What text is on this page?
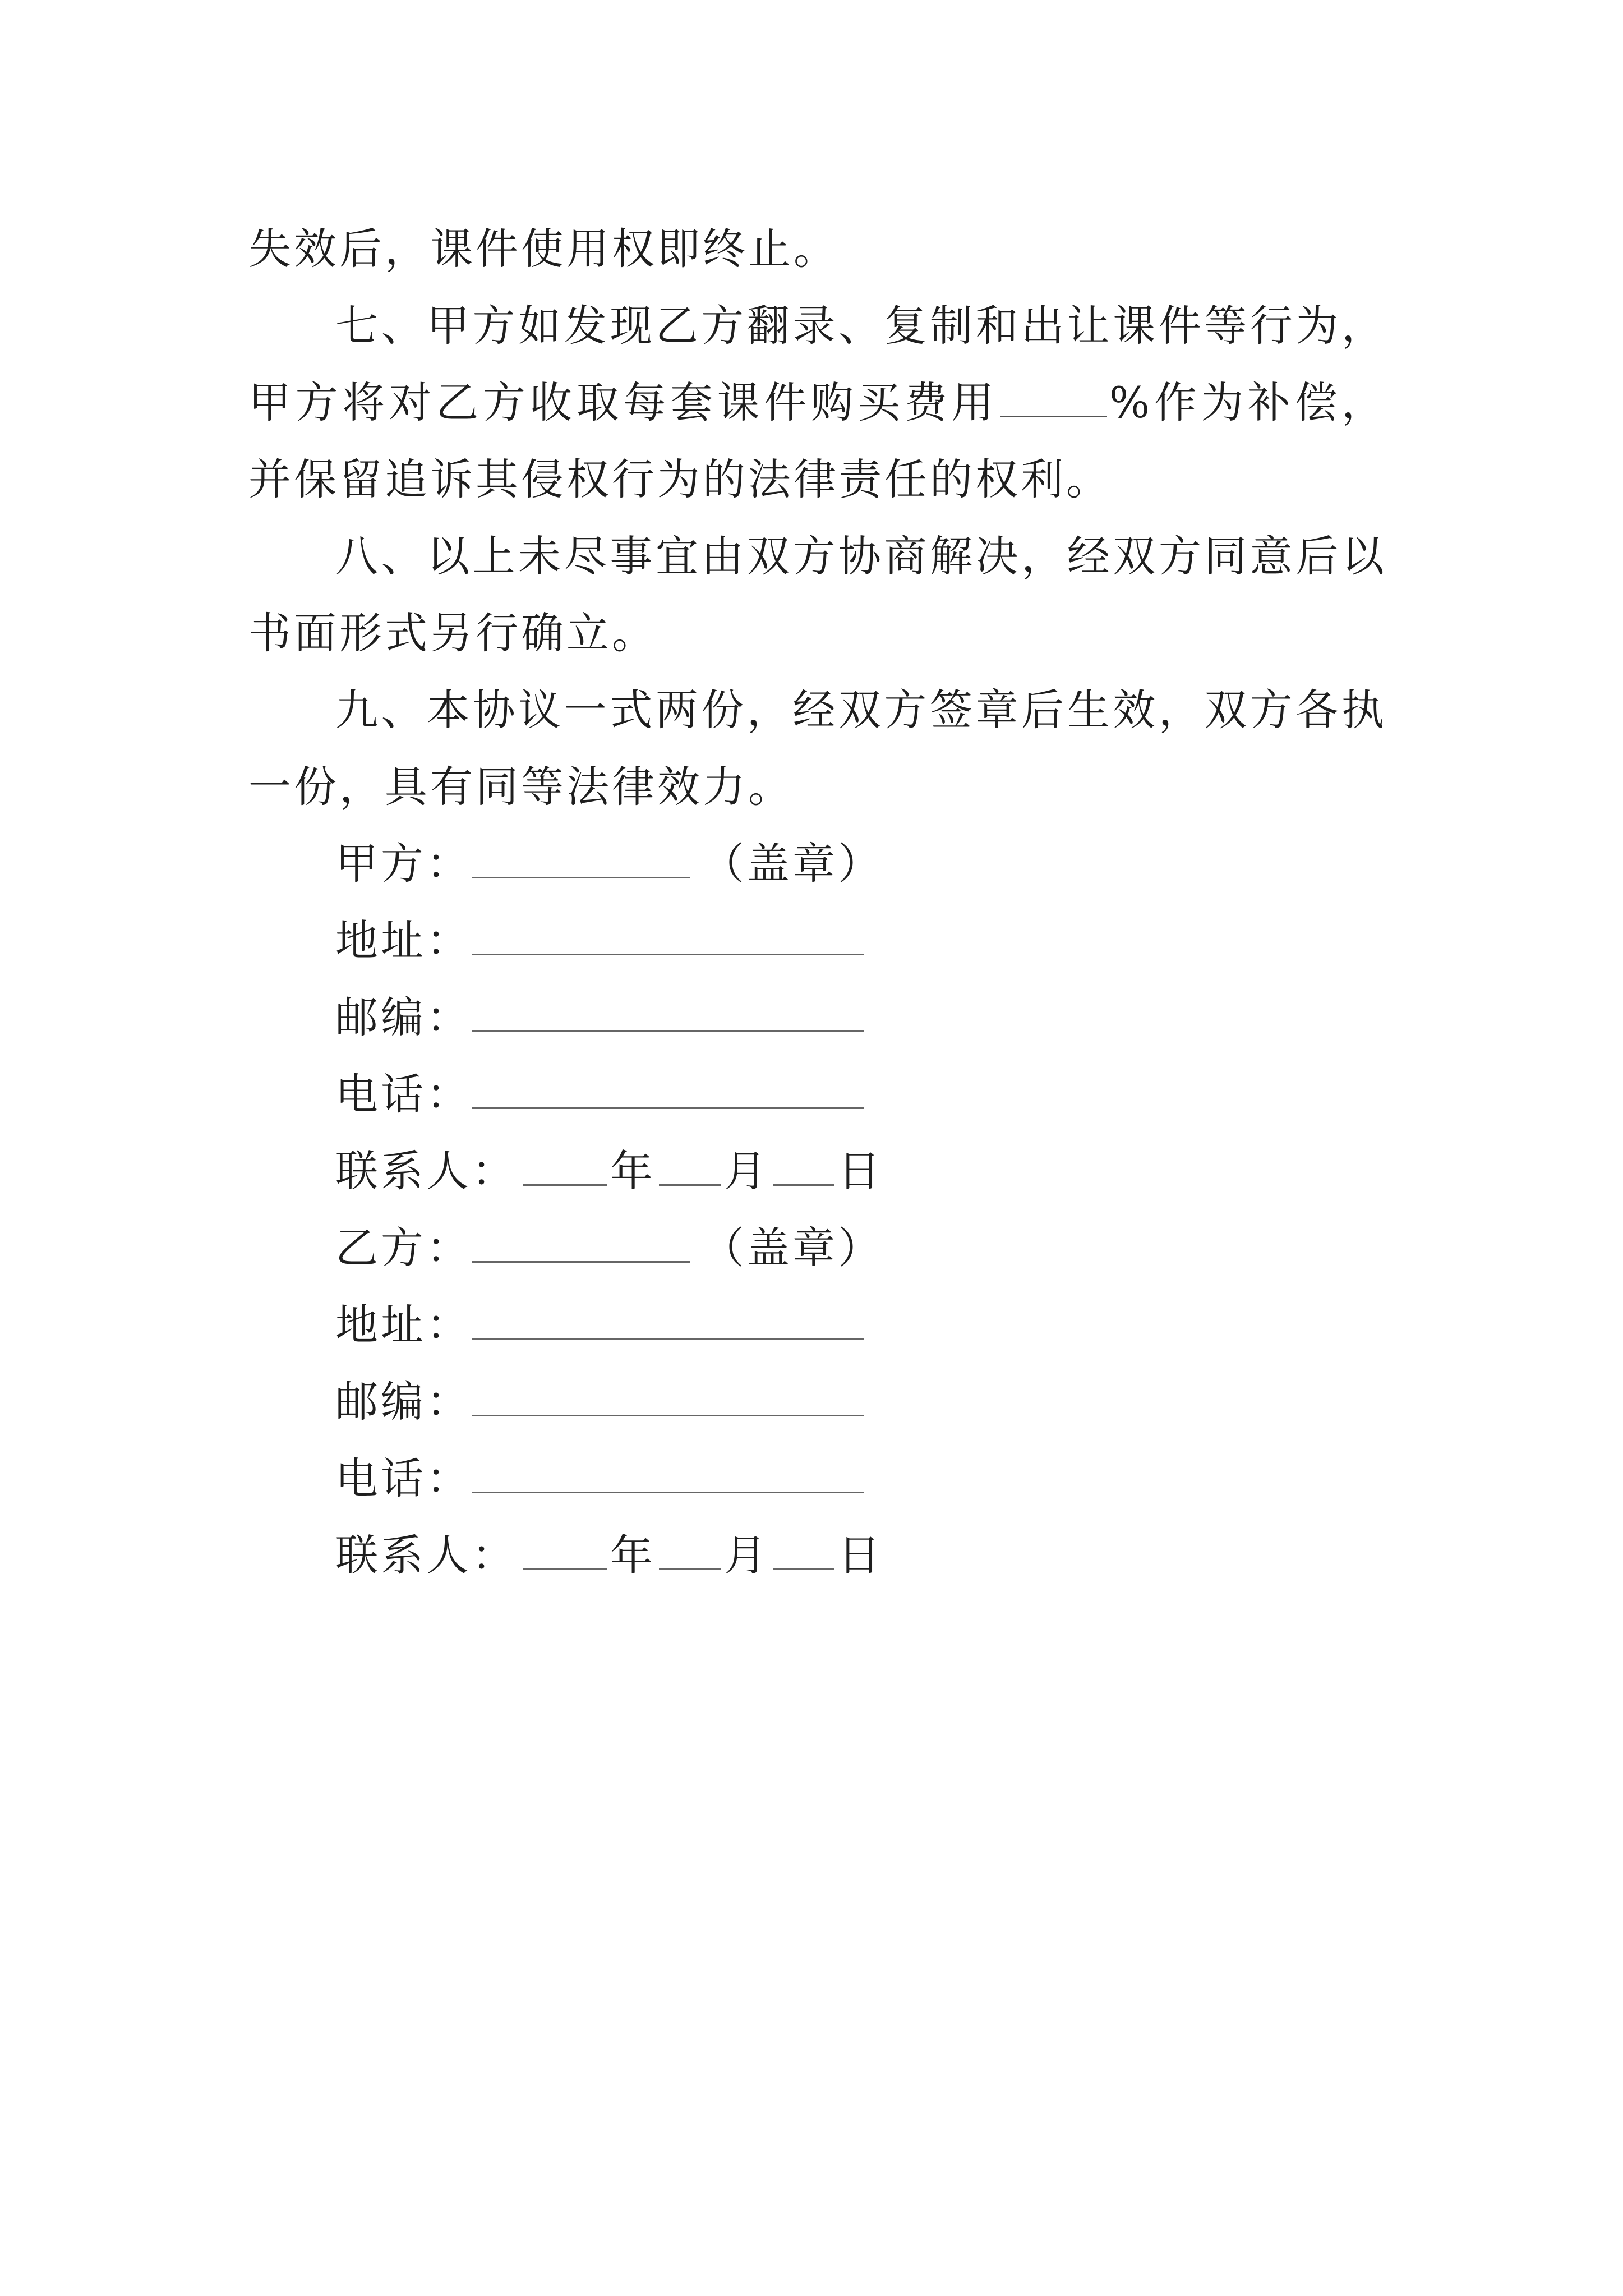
失效后，课件使用权即终止。

七、甲方如发现乙方翻录、复制和出让课件等行为，甲方将对乙方收取每套课件购买费用	%作为补偿，并保留追诉其侵权行为的法律责任的权利。

八、以上未尽事宜由双方协商解决，经双方同意后以书面形式另行确立。

九、本协议一式两份，经双方签章后生效，双方各执一份，具有同等法律效力。

甲方：	（盖章）
地址：
邮编：
电话：
联系人： 年 月 日
乙方：	（盖章）
地址：
邮编：
电话：
联系人： 年 月 日
